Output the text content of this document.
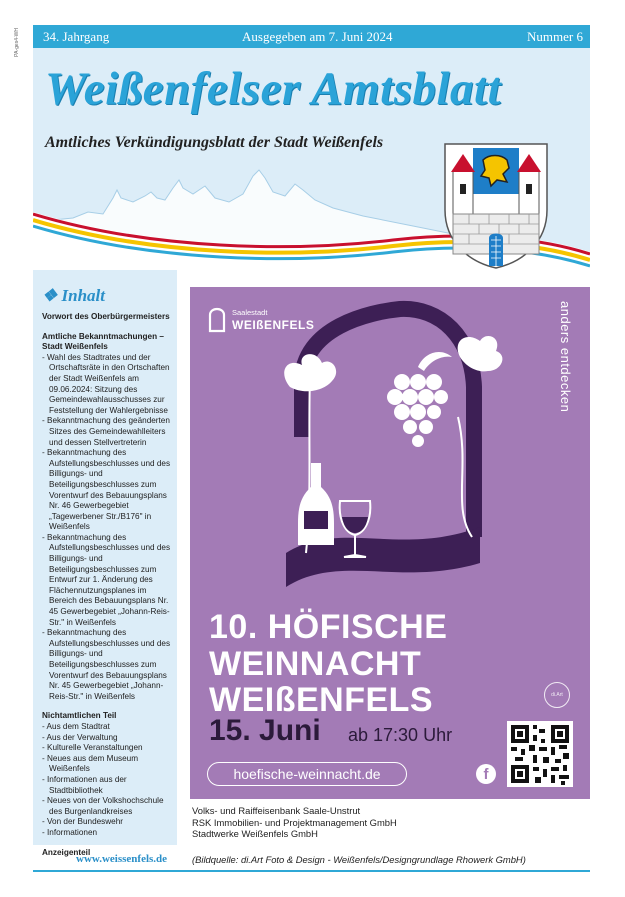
PA-ges4-WH 34. Jahrgang	Ausgegeben am 7. Juni 2024	Nummer 6
Weißenfelser Amtsblatt
Amtliches Verkündigungsblatt der Stadt Weißenfels
❖ Inhalt
Vorwort des Oberbürgermeisters
Amtliche Bekanntmachungen – Stadt Weißenfels
- Wahl des Stadtrates und der Ortschaftsräte in den Ortschaften der Stadt Weißenfels am 09.06.2024: Sitzung des Gemeindewahlausschusses zur Feststellung der Wahlergebnisse
- Bekanntmachung des geänderten Sitzes des Gemeindewahlleiters und dessen Stellvertreterin
- Bekanntmachung des Aufstellungsbeschlusses und des Billigungs- und Beteiligungsbeschlusses zum Vorentwurf des Bebauungsplans Nr. 46 Gewerbegebiet „Tagewerbener Str./B176" in Weißenfels
- Bekanntmachung des Aufstellungsbeschlusses und des Billigungs- und Beteiligungsbeschlusses zum Entwurf zur 1. Änderung des Flächennutzungsplanes im Bereich des Bebauungsplans Nr. 45 Gewerbegebiet „Johann-Reis-Str." in Weißenfels
- Bekanntmachung des Aufstellungsbeschlusses und des Billigungs- und Beteiligungsbeschlusses zum Vorentwurf des Bebauungsplans Nr. 45 Gewerbegebiet „Johann-Reis-Str." in Weißenfels
Nichtamtlichen Teil
- Aus dem Stadtrat
- Aus der Verwaltung
- Kulturelle Veranstaltungen
- Neues aus dem Museum Weißenfels
- Informationen aus der Stadtbibliothek
- Neues von der Volkshochschule des Burgenlandkreises
- Von der Bundeswehr
- Informationen
Anzeigenteil
www.weissenfels.de
Saalestadt
WEIßENFELS	anders entdecken
10. HÖFISCHE
WEINNACHT
WEIßENFELS
15. Juni ab 17:30 Uhr
hoefische-weinnacht.de	f
di.Art
Volks- und Raiffeisenbank Saale-Unstrut
RSK Immobilien- und Projektmanagement GmbH
Stadtwerke Weißenfels GmbH
(Bildquelle: di.Art Foto & Design - Weißenfels/Designgrundlage Rhowerk GmbH)
